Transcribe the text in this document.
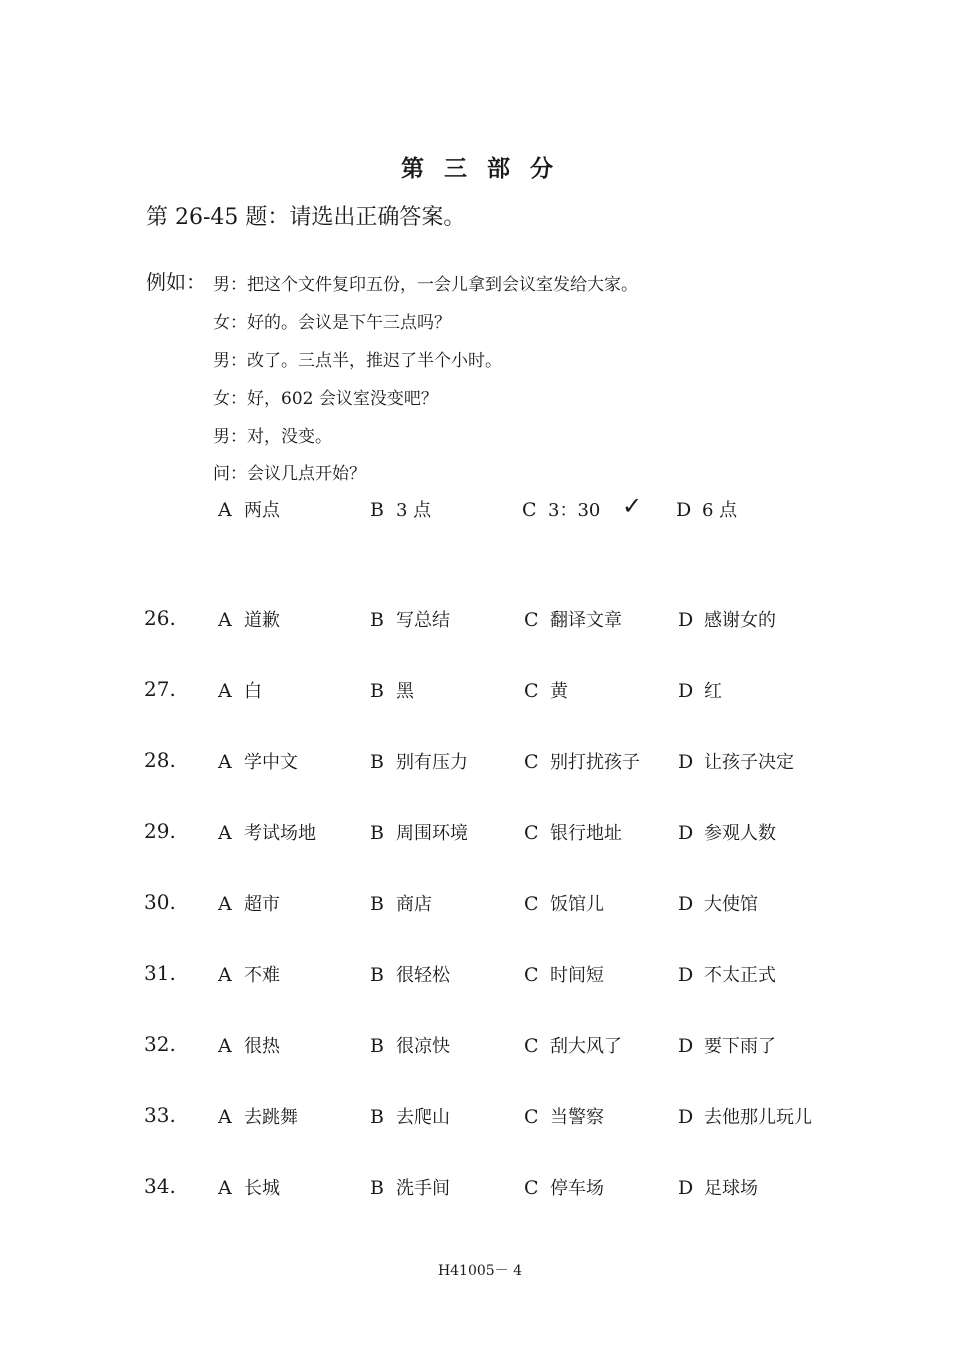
第 三 部 分
第 26-45 题：请选出正确答案。
例如： 男：把这个文件复印五份，一会儿拿到会议室发给大家。
女：好的。会议是下午三点吗？
男：改了。三点半，推迟了半个小时。
女：好，602 会议室没变吧？
男：对，没变。
问：会议几点开始？
A 两点	B 3 点	C 3：30 ✓ D 6 点
26. A 道歉	B 写总结	C 翻译文章	D 感谢女的
27. A 白	B 黑	C 黄	D 红
28. A 学中文	B 别有压力	C 别打扰孩子 D 让孩子决定
29. A 考试场地	B 周围环境	C 银行地址	D 参观人数
30. A 超市	B 商店	C 饭馆儿	D 大使馆
31. A 不难	B 很轻松	C 时间短	D 不太正式
32. A 很热	B 很凉快	C 刮大风了	D 要下雨了
33. A 去跳舞	B 去爬山	C 当警察	D 去他那儿玩儿
34. A 长城	B 洗手间	C 停车场	D 足球场
H41005－ 4
